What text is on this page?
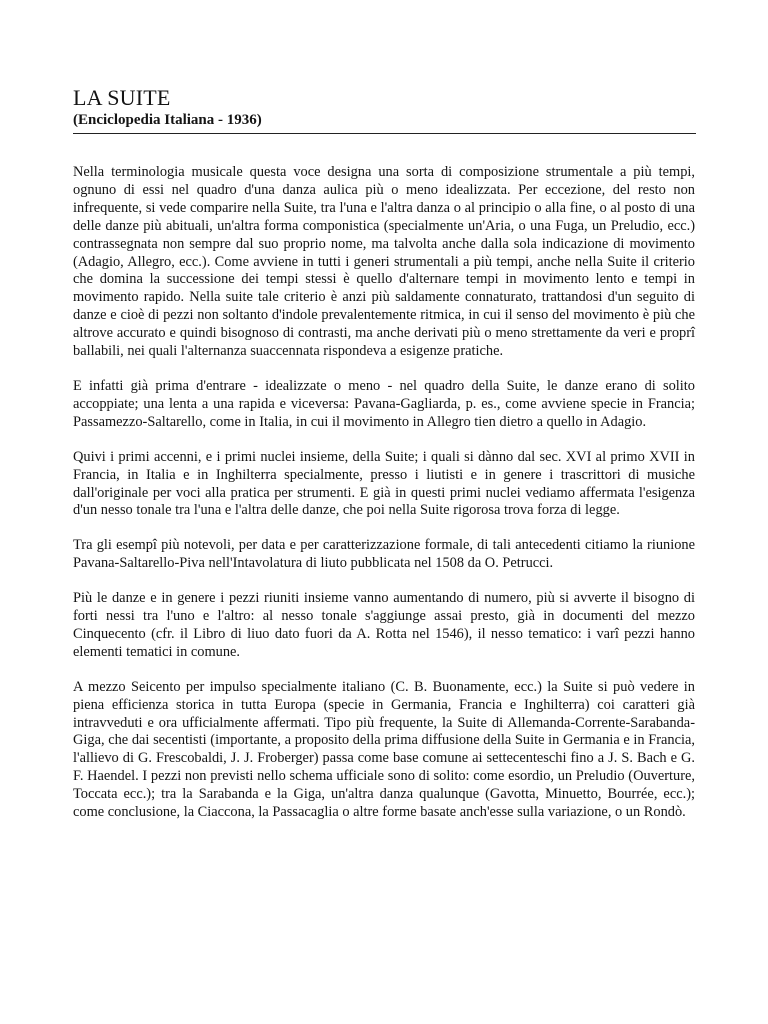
LA SUITE
(Enciclopedia Italiana - 1936)

Nella terminologia musicale questa voce designa una sorta di composizione strumentale a più tempi, ognuno di essi nel quadro d'una danza aulica più o meno idealizzata. Per eccezione, del resto non infrequente, si vede comparire nella Suite, tra l'una e l'altra danza o al principio o alla fine, o al posto di una delle danze più abituali, un'altra forma componistica (specialmente un'Aria, o una Fuga, un Preludio, ecc.) contrassegnata non sempre dal suo proprio nome, ma talvolta anche dalla sola indicazione di movimento (Adagio, Allegro, ecc.). Come avviene in tutti i generi strumentali a più tempi, anche nella Suite il criterio che domina la successione dei tempi stessi è quello d'alternare tempi in movimento lento e tempi in movimento rapido. Nella suite tale criterio è anzi più saldamente connaturato, trattandosi d'un seguito di danze e cioè di pezzi non soltanto d'indole prevalentemente ritmica, in cui il senso del movimento è più che altrove accurato e quindi bisognoso di contrasti, ma anche derivati più o meno strettamente da veri e proprî ballabili, nei quali l'alternanza suaccennata rispondeva a esigenze pratiche.

E infatti già prima d'entrare - idealizzate o meno - nel quadro della Suite, le danze erano di solito accoppiate; una lenta a una rapida e viceversa: Pavana-Gagliarda, p. es., come avviene specie in Francia; Passamezzo-Saltarello, come in Italia, in cui il movimento in Allegro tien dietro a quello in Adagio.

Quivi i primi accenni, e i primi nuclei insieme, della Suite; i quali si dànno dal sec. XVI al primo XVII in Francia, in Italia e in Inghilterra specialmente, presso i liutisti e in genere i trascrittori di musiche dall'originale per voci alla pratica per strumenti. E già in questi primi nuclei vediamo affermata l'esigenza d'un nesso tonale tra l'una e l'altra delle danze, che poi nella Suite rigorosa trova forza di legge.

Tra gli esempî più notevoli, per data e per caratterizzazione formale, di tali antecedenti citiamo la riunione Pavana-Saltarello-Piva nell'Intavolatura di liuto pubblicata nel 1508 da O. Petrucci.

Più le danze e in genere i pezzi riuniti insieme vanno aumentando di numero, più si avverte il bisogno di forti nessi tra l'uno e l'altro: al nesso tonale s'aggiunge assai presto, già in documenti del mezzo Cinquecento (cfr. il Libro di liuo dato fuori da A. Rotta nel 1546), il nesso tematico: i varî pezzi hanno elementi tematici in comune.

A mezzo Seicento per impulso specialmente italiano (C. B. Buonamente, ecc.) la Suite si può vedere in piena efficienza storica in tutta Europa (specie in Germania, Francia e Inghilterra) coi caratteri già intravveduti e ora ufficialmente affermati. Tipo più frequente, la Suite di Allemanda-Corrente-Sarabanda-Giga, che dai secentisti (importante, a proposito della prima diffusione della Suite in Germania e in Francia, l'allievo di G. Frescobaldi, J. J. Froberger) passa come base comune ai settecenteschi fino a J. S. Bach e G. F. Haendel. I pezzi non previsti nello schema ufficiale sono di solito: come esordio, un Preludio (Ouverture, Toccata ecc.); tra la Sarabanda e la Giga, un'altra danza qualunque (Gavotta, Minuetto, Bourrée, ecc.); come conclusione, la Ciaccona, la Passacaglia o altre forme basate anch'esse sulla variazione, o un Rondò.
